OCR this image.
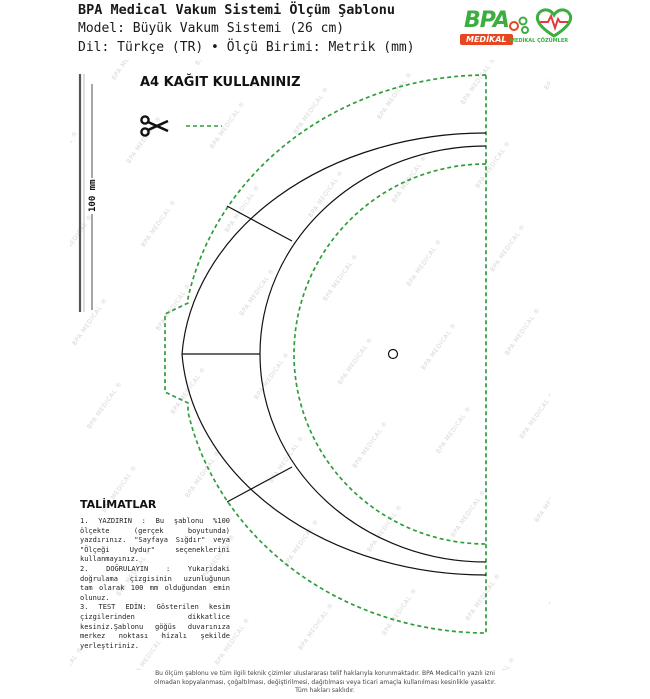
BPA Medical Vakum Sistemi Ölçüm Şablonu
Model: Büyük Vakum Sistemi (26 cm)
Dil: Türkçe (TR) • Ölçü Birimi: Metrik (mm)
BPA
MEDİKAL MEDİKAL ÇÖZÜMLER
100 mm
A4 KAĞIT KULLANINIZ
TALİMATLAR
1. YAZDIRIN : Bu şablonu %100 ölçekte (gerçek boyutunda) yazdırınız. "Sayfaya Sığdır" veya "Ölçeği Uydur" seçeneklerini kullanmayınız.
2. DOĞRULAYIN : Yukarıdaki doğrulama çizgisinin uzunluğunun tam olarak 100 mm olduğundan emin olunuz.
3. TEST EDİN: Gösterilen kesim çizgilerinden dikkatlice kesiniz.Şablonu göğüs duvarınıza merkez noktası hizalı şekilde yerleştiriniz.
Bu ölçüm şablonu ve tüm ilgili teknik çizimler uluslararası telif haklarıyla korunmaktadır. BPA Medical'in yazılı izni
olmadan kopyalanması, çoğaltılması, değiştirilmesi, dağıtılması veya ticari amaçla kullanılması kesinlikle yasaktır.
Tüm hakları saklıdır.
